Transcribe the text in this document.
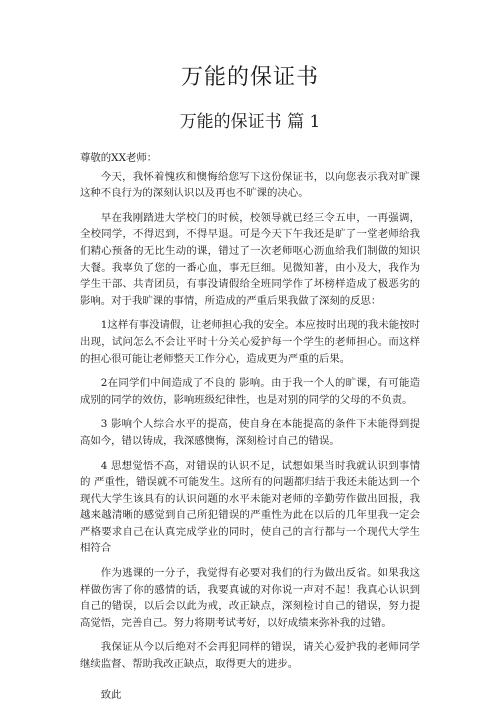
万能的保证书
万能的保证书 篇 1

尊敬的XX老师：

今天，我怀着愧疚和懊悔给您写下这份保证书，以向您表示我对旷课这种不良行为的深刻认识以及再也不旷课的决心。

早在我刚踏进大学校门的时候，校领导就已经三令五申，一再强调，全校同学，不得迟到，不得早退。可是今天下午我还是旷了一堂老师给我们精心预备的无比生动的课，错过了一次老师呕心沥血给我们制做的知识大餐。我辜负了您的一番心血，事无巨细。见微知著，由小及大，我作为学生干部、共青团员，有事没请假给全班同学作了坏榜样造成了极恶劣的影响。对于我旷课的事情，所造成的严重后果我做了深刻的反思：

1这样有事没请假，让老师担心我的安全。本应按时出现的我未能按时出现，试问怎么不会让平时十分关心爱护每一个学生的老师担心。而这样的担心很可能让老师整天工作分心，造成更为严重的后果。

2在同学们中间造成了不良的 影响。由于我一个人的旷课，有可能造成别的同学的效仿，影响班级纪律性，也是对别的同学的父母的不负责。

3 影响个人综合水平的提高，使自身在本能提高的条件下未能得到提高如今，错以铸成，我深感懊悔，深刻检讨自己的错误。

4 思想觉悟不高，对错误的认识不足，试想如果当时我就认识到事情的 严重性，错误就不可能发生。这所有的问题都归结于我还未能达到一个现代大学生该具有的认识问题的水平未能对老师的辛勤劳作做出回报，我越来越清晰的感觉到自己所犯错误的严重性为此在以后的几年里我一定会严格要求自己在认真完成学业的同时，使自己的言行都与一个现代大学生相符合

作为逃课的一分子，我觉得有必要对我们的行为做出反省。如果我这样做伤害了你的感情的话，我要真诚的对你说一声对不起！我真心认识到自己的错误，以后会以此为戒，改正缺点，深刻检讨自己的错误，努力提高觉悟，完善自己。努力将期考试考好，以好成绩来弥补我的过错。

我保证从今以后绝对不会再犯同样的错误，请关心爱护我的老师同学继续监督、帮助我改正缺点，取得更大的进步。

致此
